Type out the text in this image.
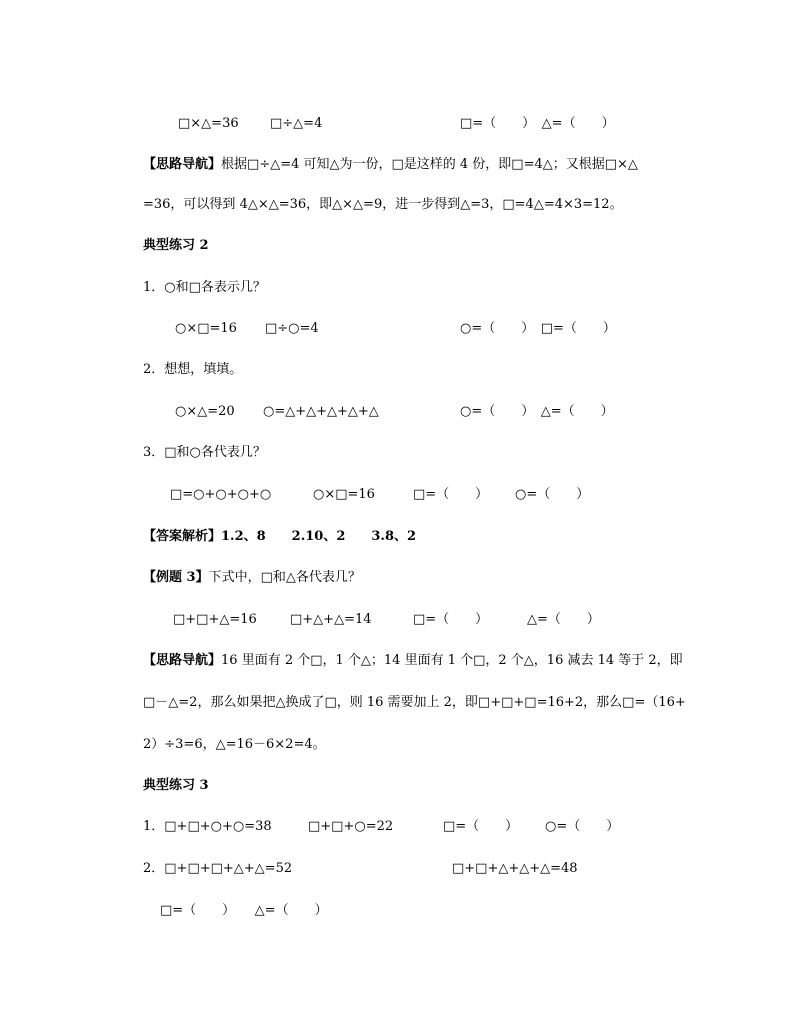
□×△=36 □÷△=4	□=（　　）　△=（　　）
【思路导航】根据□÷△=4 可知△为一份，□是这样的 4 份，即□=4△；又根据□×△
=36，可以得到 4△×△=36，即△×△=9，进一步得到△=3，□=4△=4×3=12。
典型练习 2
1．○和□各表示几？
○×□=16 □÷○=4	○=（　　）　□=（　　）
2．想想，填填。
○×△=20 ○=△+△+△+△+△	○=（　　）　△=（　　）
3．□和○各代表几？
□=○+○+○+○	○×□=16	□=（　　） ○=（　　）
【答案解析】1.2、8　　2.10、2　　3.8、2
【例题 3】下式中，□和△各代表几？
□+□+△=16	□+△+△=14	□=（　　）	△=（　　）
【思路导航】16 里面有 2 个□，1 个△；14 里面有 1 个□，2 个△，16 减去 14 等于 2，即
□－△=2，那么如果把△换成了□，则 16 需要加上 2，即□+□+□=16+2，那么□=（16+
2）÷3=6，△=16－6×2=4。
典型练习 3
1．□+□+○+○=38	□+□+○=22	□=（　　） ○=（　　）
2．□+□+□+△+△=52	□+□+△+△+△=48
□=（　　）　　△=（　　）
